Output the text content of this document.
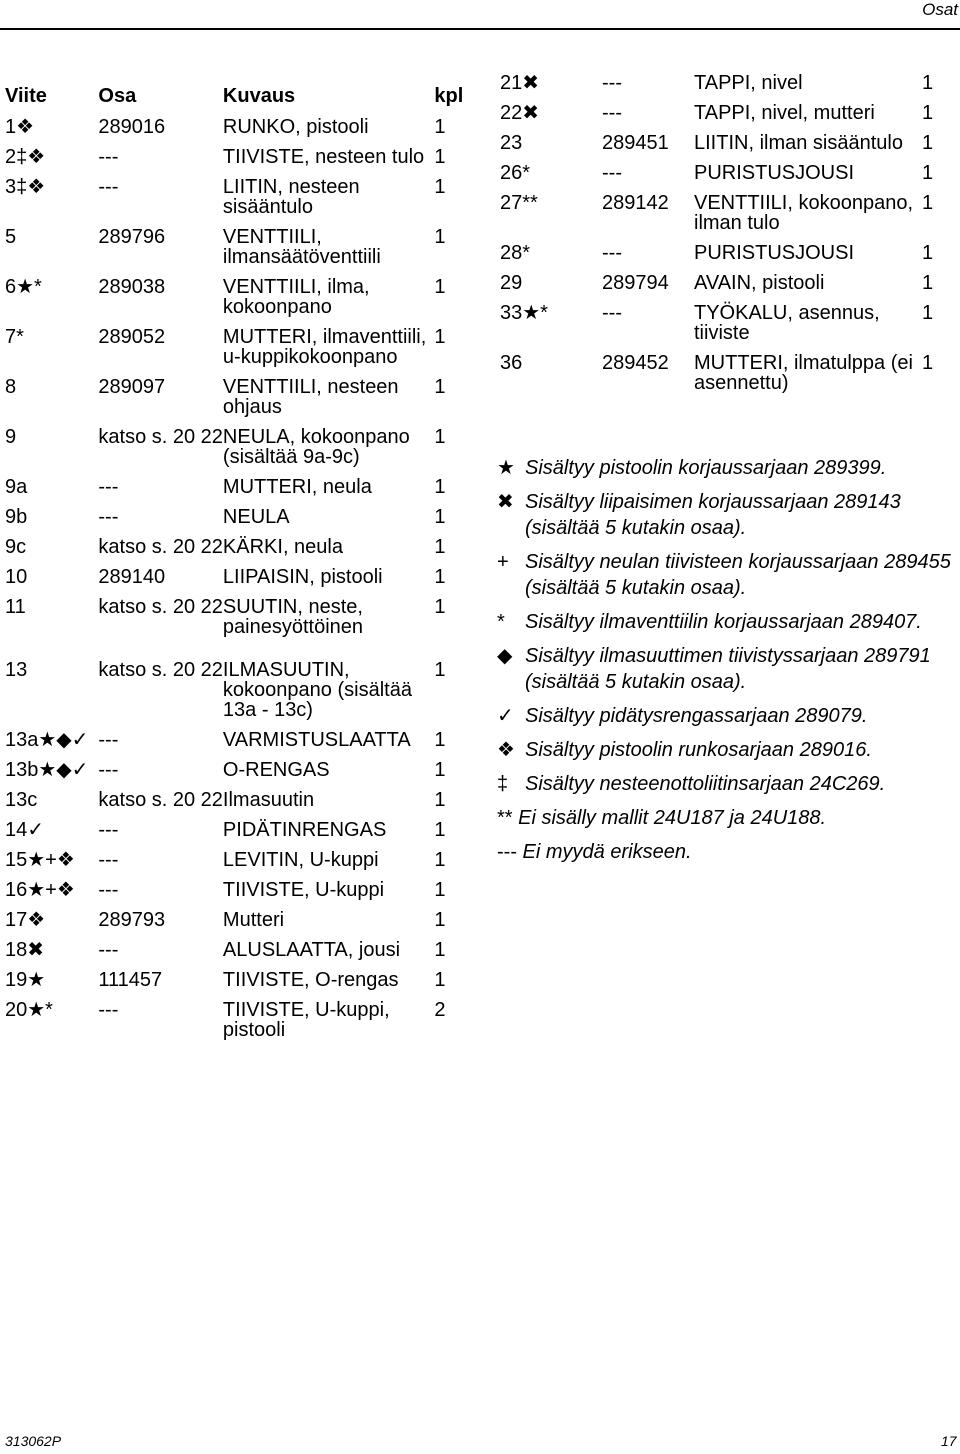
Osat
Viite	Osa	Kuvaus	kpl
1❖	289016	RUNKO, pistooli	1
2‡❖	---	TIIVISTE, nesteen tulo	1
3‡❖	---	LIITIN, nesteen sisääntulo	1
5	289796	VENTTIILI, ilmansäätöventtiili	1
6★*	289038	VENTTIILI, ilma, kokoonpano	1
7*	289052	MUTTERI, ilmaventtiili, u-kuppikokoonpano	1
8	289097	VENTTIILI, nesteen ohjaus	1
9	katso s. 20 22	NEULA, kokoonpano (sisältää 9a-9c)	1
9a	---	MUTTERI, neula	1
9b	---	NEULA	1
9c	katso s. 20 22	KÄRKI, neula	1
10	289140	LIIPAISIN, pistooli	1
11	katso s. 20 22	SUUTIN, neste, painesyöttöinen	1
13	katso s. 20 22	ILMASUUTIN, kokoonpano (sisältää 13a - 13c)	1
13a★◆✓	---	VARMISTUSLAATTA	1
13b★◆✓	---	O-RENGAS	1
13c	katso s. 20 22	Ilmasuutin	1
14✓	---	PIDÄTINRENGAS	1
15★+❖	---	LEVITIN, U-kuppi	1
16★+❖	---	TIIVISTE, U-kuppi	1
17❖	289793	Mutteri	1
18✖	---	ALUSLAATTA, jousi	1
19★	111457	TIIVISTE, O-rengas	1
20★*	---	TIIVISTE, U-kuppi, pistooli	2
21✖	---	TAPPI, nivel	1
22✖	---	TAPPI, nivel, mutteri	1
23	289451	LIITIN, ilman sisääntulo	1
26*	---	PURISTUSJOUSI	1
27**	289142	VENTTIILI, kokoonpano, ilman tulo	1
28*	---	PURISTUSJOUSI	1
29	289794	AVAIN, pistooli	1
33★*	---	TYÖKALU, asennus, tiiviste	1
36	289452	MUTTERI, ilmatulppa (ei asennettu)	1
★ Sisältyy pistoolin korjaussarjaan 289399.
✖ Sisältyy liipaisimen korjaussarjaan 289143 (sisältää 5 kutakin osaa).
+ Sisältyy neulan tiivisteen korjaussarjaan 289455 (sisältää 5 kutakin osaa).
*	Sisältyy ilmaventtiilin korjaussarjaan 289407.
◆ Sisältyy ilmasuuttimen tiivistyssarjaan 289791 (sisältää 5 kutakin osaa).
✓ Sisältyy pidätysrengassarjaan 289079.
❖ Sisältyy pistoolin runkosarjaan 289016.
‡ Sisältyy nesteenottoliitinsarjaan 24C269.
** Ei sisälly mallit 24U187 ja 24U188.
--- Ei myydä erikseen.
313062P	17
